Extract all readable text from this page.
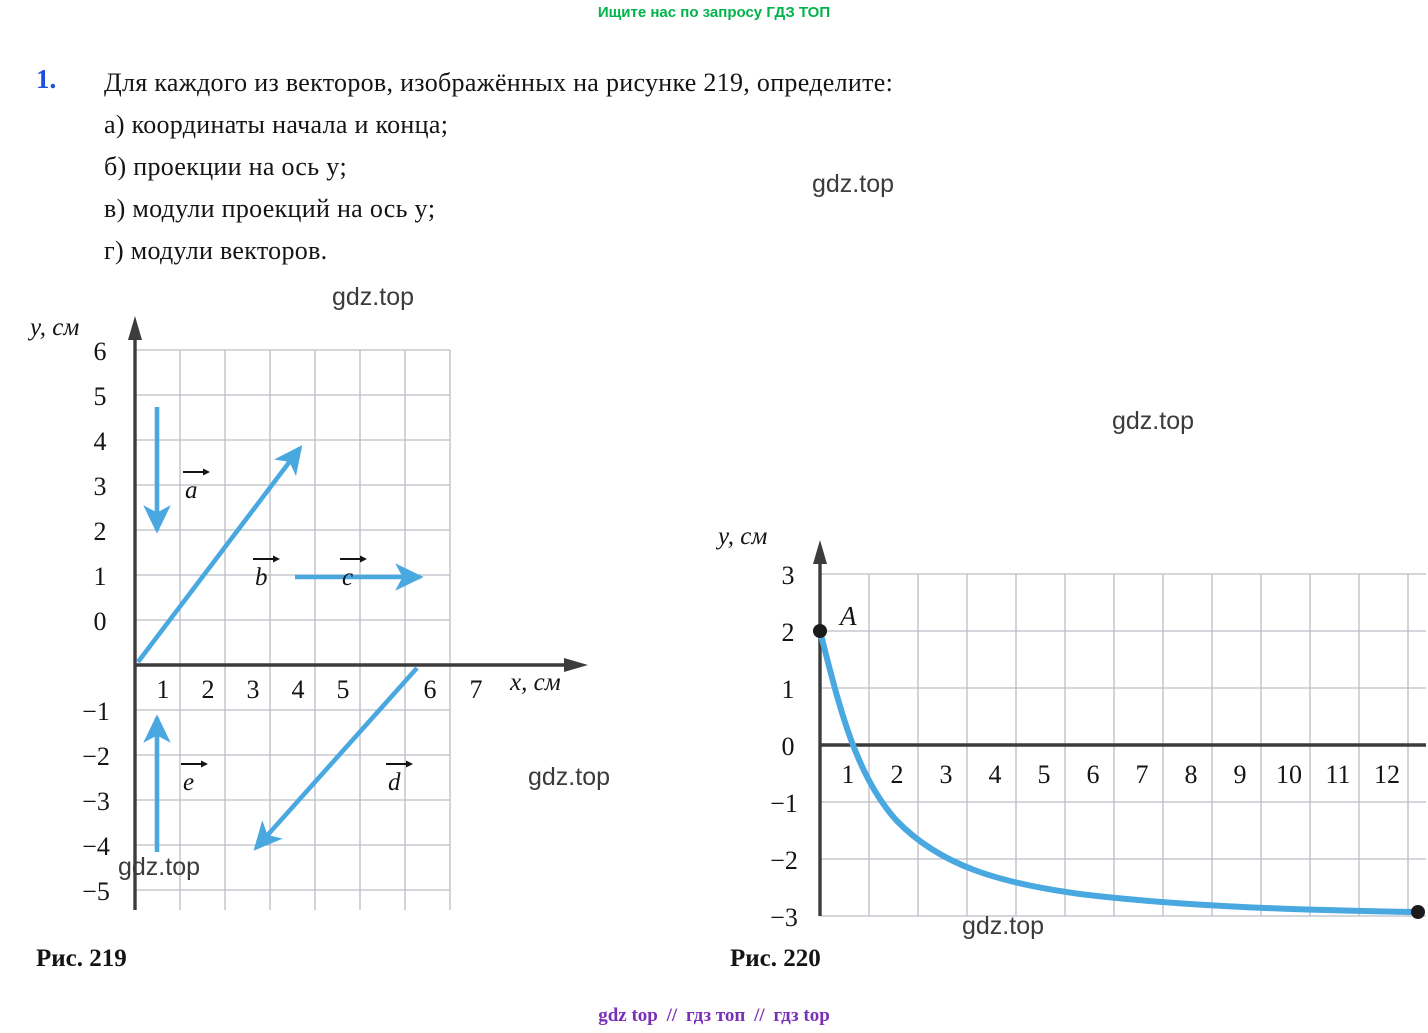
Ищите нас по запросу ГДЗ ТОП
1. Для каждого из векторов, изображённых на рисунке 219, определите:
а) координаты начала и конца;
б) проекции на ось y;
в) модули проекций на ось y;
г) модули векторов.
y, см
x, см
6
5
4
3
2
1
0
−1
−2
−3
−4
−5
1 2 3 4 5	6 7
a
b	c
d
e
Рис. 219
y, см
3
2
1
0
−1
−2
−3
1 2 3 4 5 6 7 8 9 10 11 12
A
Рис. 220
gdz.top
gdz.top
gdz.top
gdz.top
gdz.top
gdz.top
gdz top // гдз топ // гдз top
